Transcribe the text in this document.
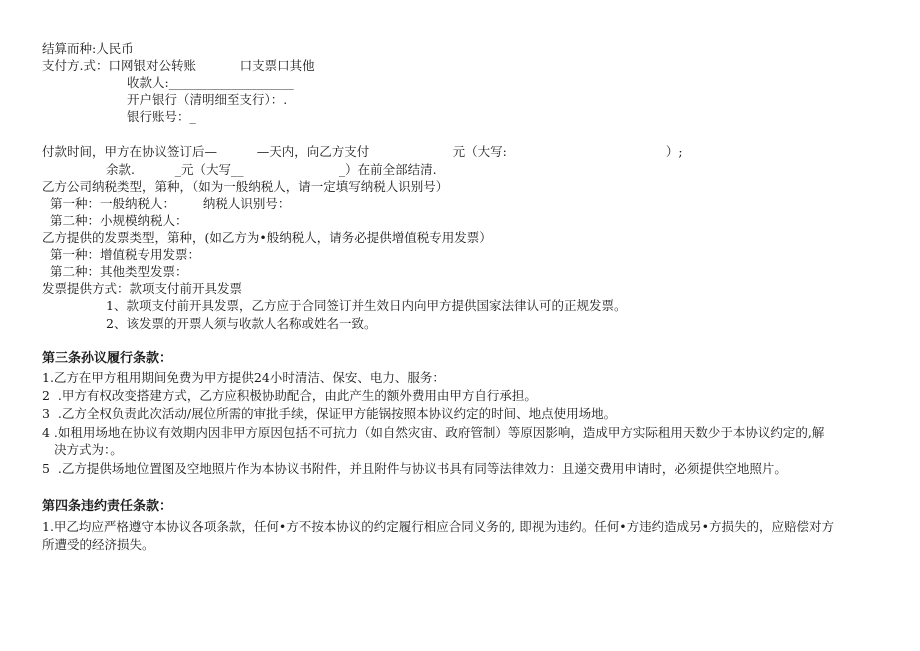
结算而种:人民币
支付方.式：口网银对公转账           口支票口其他
收款人:____________________
开户银行（清明细至支行）：.
银行账号：_
付款时间，甲方在协议签订后—          —天内，向乙方支付                     元（大写:                                        ）;
余款.          _元（大写__                        _）在前全部结清.
乙方公司纳税类型，第种，（如为一般纳税人，请一定填写纳税人识别号）
第一种：一般纳税人：       纳税人识别号：
第二种：小规模纳税人：
乙方提供的发票类型，第种，(如乙方为•般纳税人，请务必提供增值税专用发票）
第一种：增值税专用发票：
第二种：其他类型发票：
发票提供方式：款项支付前开具发票
1、款项支付前开具发票，乙方应于合同签订并生效日内向甲方提供国家法律认可的正规发票。
2、该发票的开票人须与收款人名称或姓名一致。
第三条孙议履行条款：
1.乙方在甲方租用期间免费为甲方提供24小时清洁、保安、电力、服务：
2  .甲方有权改变搭建方式，乙方应积极协助配合，由此产生的额外费用由甲方自行承担。
3  .乙方全权负责此次活动/展位所需的审批手续，保证甲方能锅按照本协议约定的时间、地点使用场地。
4 .如租用场地在协议有效期内因非甲方原因包括不可抗力（如自然灾宙、政府管制）等原因影响，造成甲方实际租用天数少于本协议约定的,解
决方式为：。
5  .乙方提供场地位置图及空地照片作为本协议书附件，并且附件与协议书具有同等法律效力：且递交费用申请时，必须提供空地照片。
第四条违约责任条款：
1.甲乙均应严格遵守本协议各项条款，任何•方不按本协议的约定履行相应合同义务的, 即视为违约。任何•方违约造成另•方损失的，应赔偿对方
所遭受的经济损失。
